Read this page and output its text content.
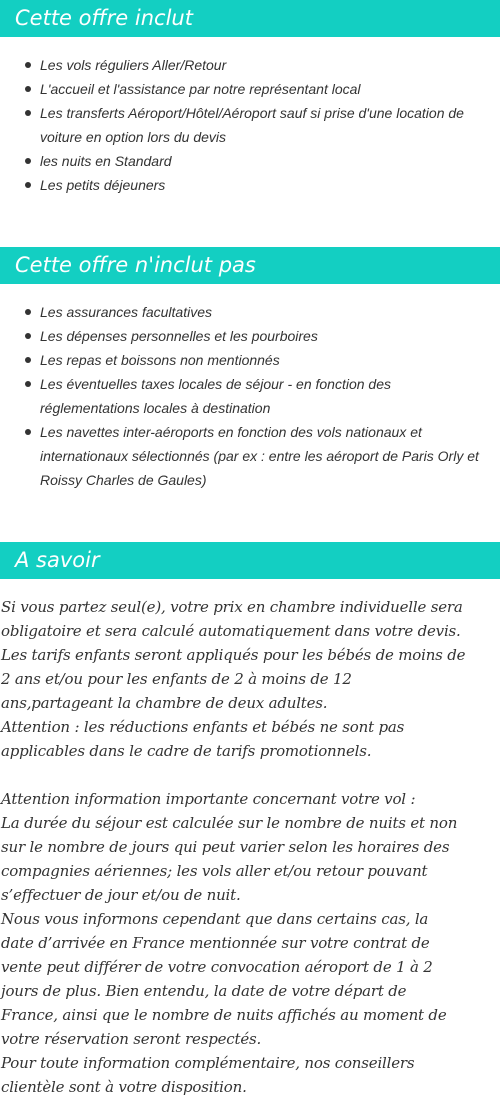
Cette offre inclut
Les vols réguliers Aller/Retour
L'accueil et l'assistance par notre représentant local
Les transferts Aéroport/Hôtel/Aéroport sauf si prise d'une location de voiture en option lors du devis
les nuits en Standard
Les petits déjeuners
Cette offre n'inclut pas
Les assurances facultatives
Les dépenses personnelles et les pourboires
Les repas et boissons non mentionnés
Les éventuelles taxes locales de séjour - en fonction des réglementations locales à destination
Les navettes inter-aéroports en fonction des vols nationaux et internationaux sélectionnés (par ex : entre les aéroport de Paris Orly et Roissy Charles de Gaules)
A savoir
Si vous partez seul(e), votre prix en chambre individuelle sera
obligatoire et sera calculé automatiquement dans votre devis.
Les tarifs enfants seront appliqués pour les bébés de moins de
2 ans et/ou pour les enfants de 2 à moins de 12
ans,partageant la chambre de deux adultes.
Attention : les réductions enfants et bébés ne sont pas
applicables dans le cadre de tarifs promotionnels.
Attention information importante concernant votre vol :
La durée du séjour est calculée sur le nombre de nuits et non
sur le nombre de jours qui peut varier selon les horaires des
compagnies aériennes; les vols aller et/ou retour pouvant
s’effectuer de jour et/ou de nuit.
Nous vous informons cependant que dans certains cas, la
date d’arrivée en France mentionnée sur votre contrat de
vente peut différer de votre convocation aéroport de 1 à 2
jours de plus. Bien entendu, la date de votre départ de
France, ainsi que le nombre de nuits affichés au moment de
votre réservation seront respectés.
Pour toute information complémentaire, nos conseillers
clientèle sont à votre disposition.
